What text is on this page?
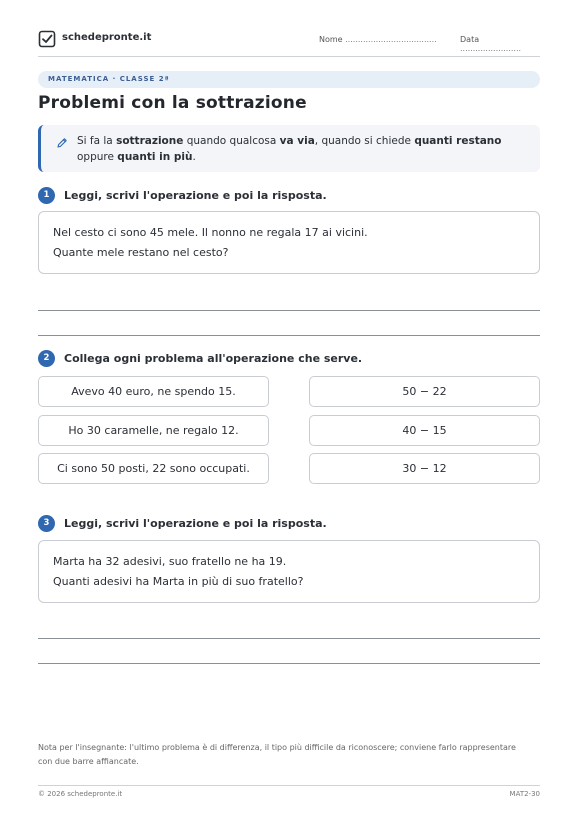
schedepronte.it	Nome ....................................	Data ........................
MATEMATICA · CLASSE 2ª
Problemi con la sottrazione
Si fa la sottrazione quando qualcosa va via, quando si chiede quanti restano oppure quanti in più.
1	Leggi, scrivi l'operazione e poi la risposta.

Nel cesto ci sono 45 mele. Il nonno ne regala 17 ai vicini.

Quante mele restano nel cesto?

2	Collega ogni problema all'operazione che serve.
Avevo 40 euro, ne spendo 15.
Ho 30 caramelle, ne regalo 12.
Ci sono 50 posti, 22 sono occupati.
50 − 22
40 − 15
30 − 12
3	Leggi, scrivi l'operazione e poi la risposta.

Marta ha 32 adesivi, suo fratello ne ha 19.

Quanti adesivi ha Marta in più di suo fratello?

Nota per l'insegnante: l'ultimo problema è di differenza, il tipo più difficile da riconoscere; conviene farlo rappresentare con due barre affiancate.
© 2026 schedepronte.it	MAT2-30
